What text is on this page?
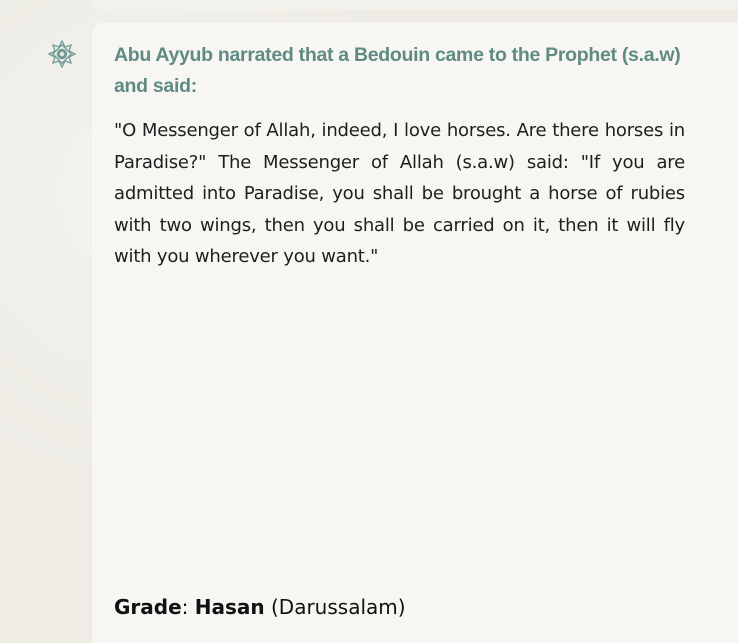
Abu Ayyub narrated that a Bedouin came to the Prophet (s.a.w) and said:

"O Messenger of Allah, indeed, I love horses. Are there horses in Paradise?" The Messenger of Allah (s.a.w) said: "If you are admitted into Paradise, you shall be brought a horse of rubies with two wings, then you shall be carried on it, then it will fly with you wherever you want."

Grade: Hasan (Darussalam)
